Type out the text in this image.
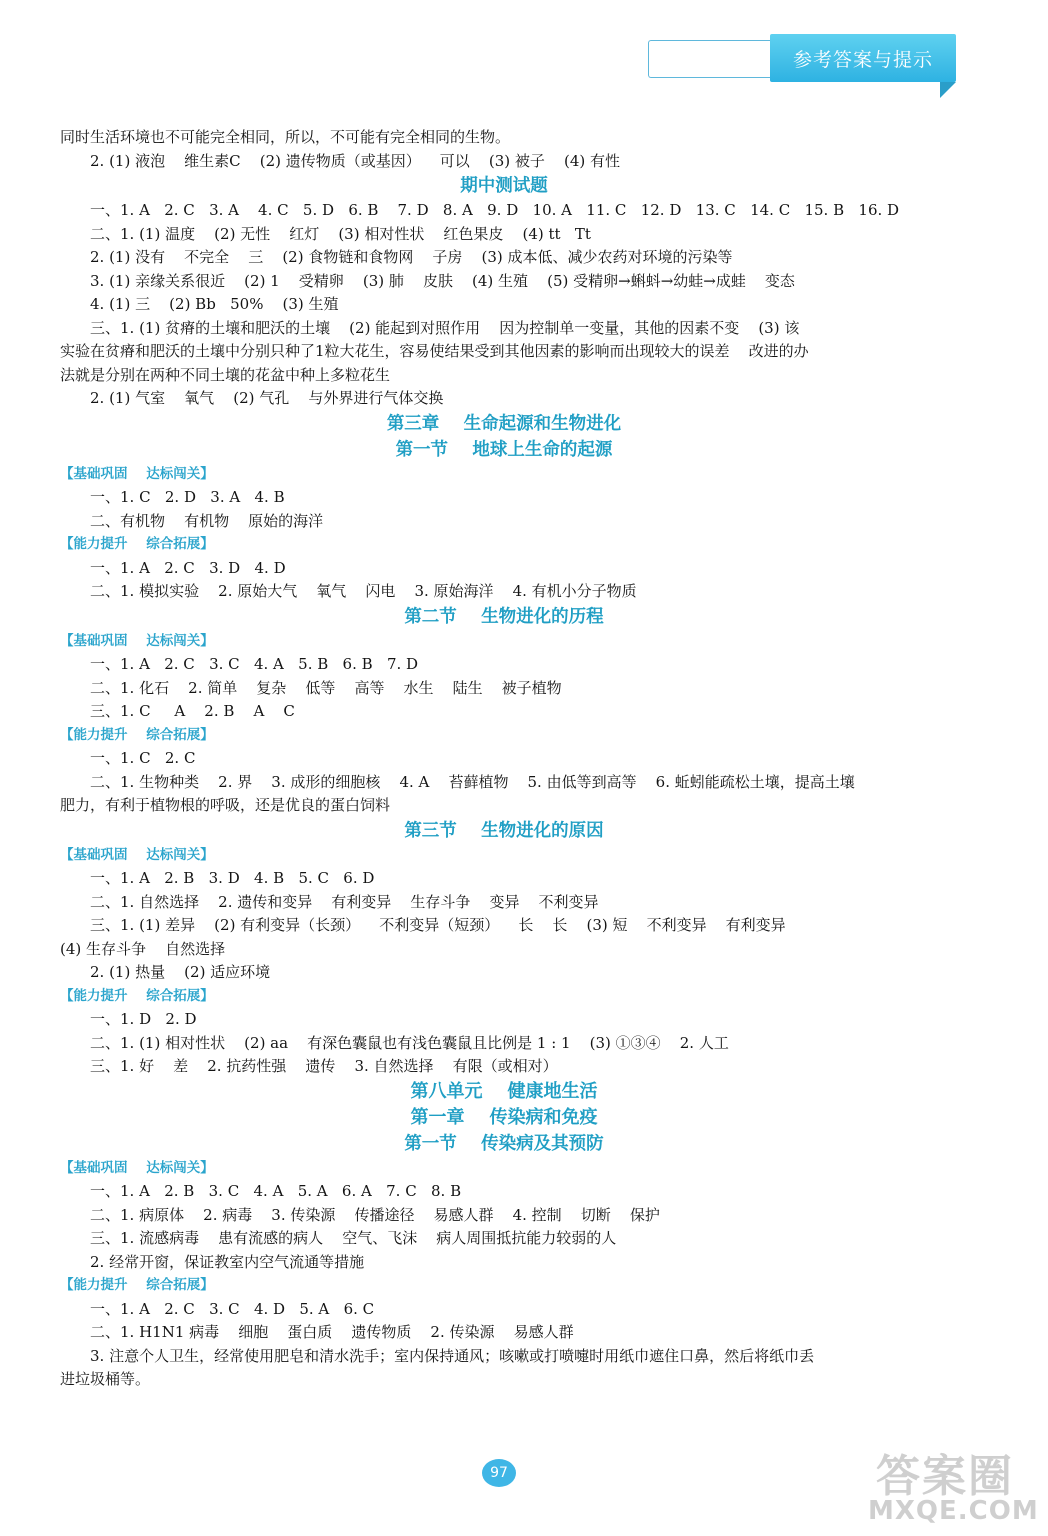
参考答案与提示
同时生活环境也不可能完全相同，所以，不可能有完全相同的生物。
2. (1) 液泡    维生素C    (2) 遗传物质（或基因）    可以    (3) 被子    (4) 有性
期中测试题
一、1. A   2. C   3. A    4. C   5. D   6. B    7. D   8. A   9. D   10. A   11. C   12. D   13. C   14. C   15. B   16. D
二、1. (1) 温度    (2) 无性    红灯    (3) 相对性状    红色果皮    (4) tt   Tt
2. (1) 没有    不完全    三    (2) 食物链和食物网    子房    (3) 成本低、减少农药对环境的污染等
3. (1) 亲缘关系很近    (2) 1    受精卵    (3) 肺    皮肤    (4) 生殖    (5) 受精卵→蝌蚪→幼蛙→成蛙    变态
4. (1) 三    (2) Bb   50%    (3) 生殖
三、1. (1) 贫瘠的土壤和肥沃的土壤    (2) 能起到对照作用    因为控制单一变量，其他的因素不变    (3) 该
实验在贫瘠和肥沃的土壤中分别只种了1粒大花生，容易使结果受到其他因素的影响而出现较大的误差    改进的办
法就是分别在两种不同土壤的花盆中种上多粒花生
2. (1) 气室    氧气    (2) 气孔    与外界进行气体交换
第三章    生命起源和生物进化
第一节    地球上生命的起源
【基础巩固    达标闯关】
一、1. C   2. D   3. A   4. B
二、有机物    有机物    原始的海洋
【能力提升    综合拓展】
一、1. A   2. C   3. D   4. D
二、1. 模拟实验    2. 原始大气    氧气    闪电    3. 原始海洋    4. 有机小分子物质
第二节    生物进化的历程
【基础巩固    达标闯关】
一、1. A   2. C   3. C   4. A   5. B   6. B   7. D
二、1. 化石    2. 简单    复杂    低等    高等    水生    陆生    被子植物
三、1. C     A    2. B    A    C
【能力提升    综合拓展】
一、1. C   2. C
二、1. 生物种类    2. 界    3. 成形的细胞核    4. A    苔藓植物    5. 由低等到高等    6. 蚯蚓能疏松土壤，提高土壤
肥力，有利于植物根的呼吸，还是优良的蛋白饲料
第三节    生物进化的原因
【基础巩固    达标闯关】
一、1. A   2. B   3. D   4. B   5. C   6. D
二、1. 自然选择    2. 遗传和变异    有利变异    生存斗争    变异    不利变异
三、1. (1) 差异    (2) 有利变异（长颈）    不利变异（短颈）    长    长    (3) 短    不利变异    有利变异
(4) 生存斗争    自然选择
2. (1) 热量    (2) 适应环境
【能力提升    综合拓展】
一、1. D   2. D
二、1. (1) 相对性状    (2) aa    有深色囊鼠也有浅色囊鼠且比例是 1 : 1    (3) ①③④    2. 人工
三、1. 好    差    2. 抗药性强    遗传    3. 自然选择    有限（或相对）
第八单元    健康地生活
第一章    传染病和免疫
第一节    传染病及其预防
【基础巩固    达标闯关】
一、1. A   2. B   3. C   4. A   5. A   6. A   7. C   8. B
二、1. 病原体    2. 病毒    3. 传染源    传播途径    易感人群    4. 控制    切断    保护
三、1. 流感病毒    患有流感的病人    空气、飞沫    病人周围抵抗能力较弱的人
2. 经常开窗，保证教室内空气流通等措施
【能力提升    综合拓展】
一、1. A   2. C   3. C   4. D   5. A   6. C
二、1. H1N1 病毒    细胞    蛋白质    遗传物质    2. 传染源    易感人群
3. 注意个人卫生，经常使用肥皂和清水洗手；室内保持通风；咳嗽或打喷嚏时用纸巾遮住口鼻，然后将纸巾丢
进垃圾桶等。
97	答案圈
MXQE.COM
